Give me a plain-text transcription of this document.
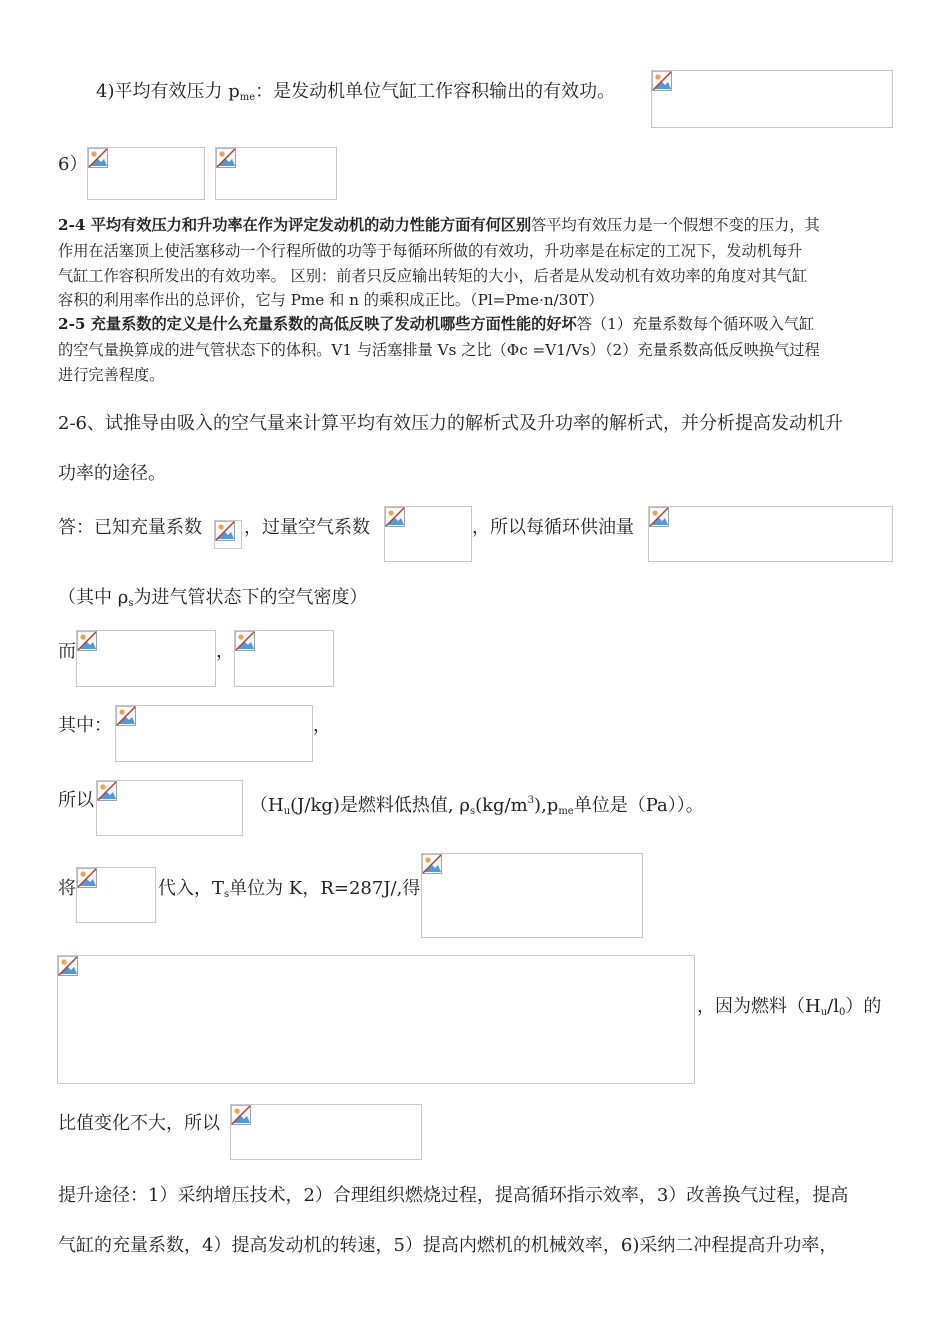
4)平均有效压力 $p_{me}$：是发动机单位气缸工作容积输出的有效功。
6）
2-4 平均有效压力和升功率在作为评定发动机的动力性能方面有何区别答平均有效压力是一个假想不变的压力，其
作用在活塞顶上使活塞移动一个行程所做的功等于每循环所做的有效功，升功率是在标定的工况下，发动机每升
气缸工作容积所发出的有效功率。 区别：前者只反应输出转矩的大小，后者是从发动机有效功率的角度对其气缸
容积的利用率作出的总评价，它与 Pme 和 n 的乘积成正比。（Pl=Pme·n/30T）
2-5 充量系数的定义是什么充量系数的高低反映了发动机哪些方面性能的好坏答（1）充量系数每个循环吸入气缸
的空气量换算成的进气管状态下的体积。V1 与活塞排量 Vs 之比（Φc =V1/Vs）（2）充量系数高低反映换气过程
进行完善程度。
2-6、试推导由吸入的空气量来计算平均有效压力的解析式及升功率的解析式，并分析提高发动机升
功率的途径。
答：已知充量系数 ，过量空气系数	，所以每循环供油量
（其中 $\rho_s$为进气管状态下的空气密度）
而	，
其中：	，
所以	（$H_u(J/kg)$是燃料低热值, $\rho_s(kg/m^3),p_{me}$单位是（Pa））。
将	代入，$T_s$单位为 K，R=287J/,得
，因为燃料$(H_u/l_0)$的
比值变化不大，所以
提升途径：1）采纳增压技术，2）合理组织燃烧过程，提高循环指示效率，3）改善换气过程，提高
气缸的充量系数，4）提高发动机的转速，5）提高内燃机的机械效率，6)采纳二冲程提高升功率，
